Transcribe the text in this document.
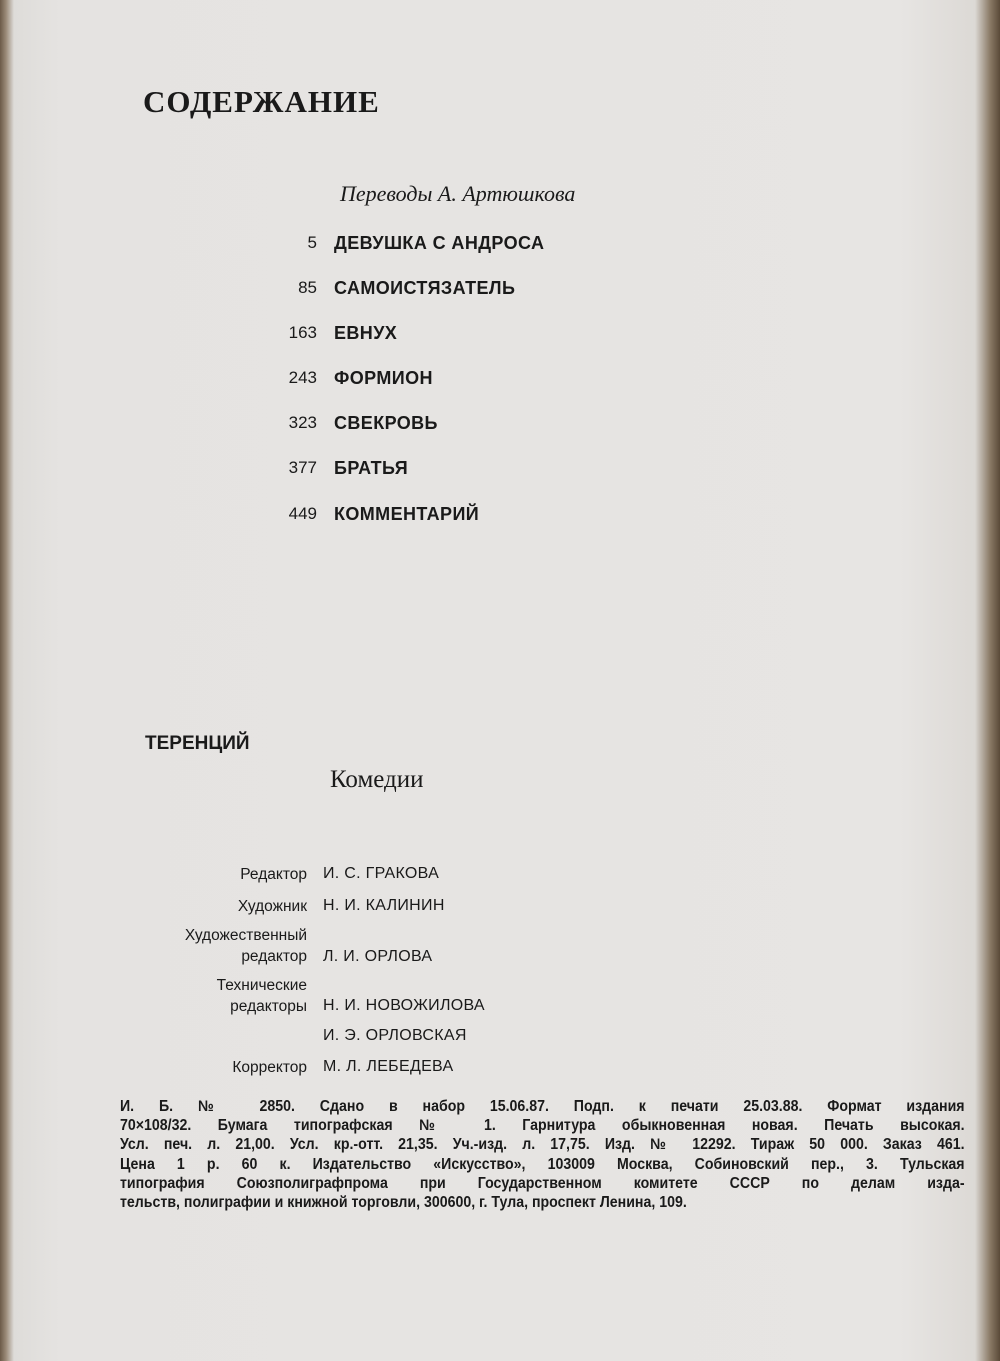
СОДЕРЖАНИЕ
Переводы А. Артюшкова
5 ДЕВУШКА С АНДРОСА
85 САМОИСТЯЗАТЕЛЬ
163 ЕВНУХ
243 ФОРМИОН
323 СВЕКРОВЬ
377 БРАТЬЯ
449 КОММЕНТАРИЙ
ТЕРЕНЦИЙ
Комедии
Редактор И. С. ГРАКОВА
Художник Н. И. КАЛИНИН
Художественный
редактор Л. И. ОРЛОВА
Технические
редакторы Н. И. НОВОЖИЛОВА
И. Э. ОРЛОВСКАЯ
Корректор М. Л. ЛЕБЕДЕВА
И. Б. № 2850. Сдано в набор 15.06.87. Подп. к печати 25.03.88. Формат издания
70×108/32. Бумага типографская № 1. Гарнитура обыкновенная новая. Печать высокая.
Усл. печ. л. 21,00. Усл. кр.-отт. 21,35. Уч.-изд. л. 17,75. Изд. № 12292. Тираж 50 000. Заказ 461.
Цена 1 р. 60 к. Издательство «Искусство», 103009 Москва, Собиновский пер., 3. Тульская
типография Союзполиграфпрома при Государственном комитете СССР по делам изда-
тельств, полиграфии и книжной торговли, 300600, г. Тула, проспект Ленина, 109.
